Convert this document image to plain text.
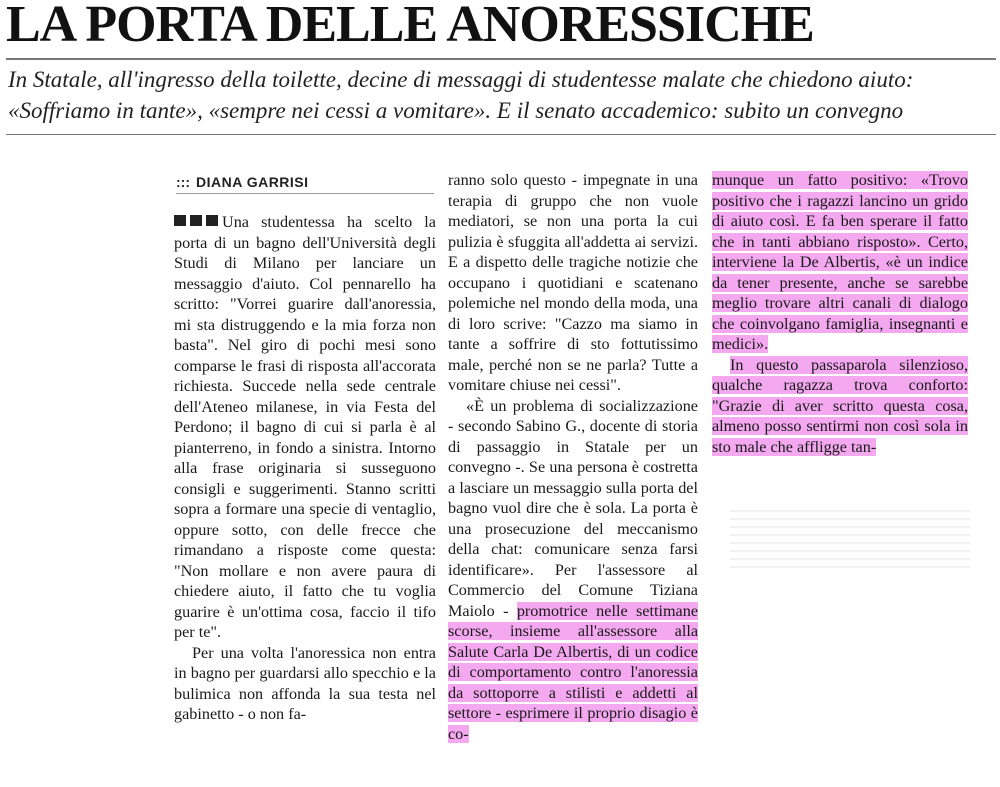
LA PORTA DELLE ANORESSICHE

In Statale, all'ingresso della toilette, decine di messaggi di studentesse malate che chiedono aiuto: «Soffriamo in tante», «sempre nei cessi a vomitare». E il senato accademico: subito un convegno

::: DIANA GARRISI

Una studentessa ha scelto la porta di un bagno dell'Università degli Studi di Milano per lanciare un messaggio d'aiuto. Col pennarello ha scritto: "Vorrei guarire dall'anoressia, mi sta distruggendo e la mia forza non basta". Nel giro di pochi mesi sono comparse le frasi di risposta all'accorata richiesta. Succede nella sede centrale dell'Ateneo milanese, in via Festa del Perdono; il bagno di cui si parla è al pianterreno, in fondo a sinistra. Intorno alla frase originaria si susseguono consigli e suggerimenti. Stanno scritti sopra a formare una specie di ventaglio, oppure sotto, con delle frecce che rimandano a risposte come questa: "Non mollare e non avere paura di chiedere aiuto, il fatto che tu voglia guarire è un'ottima cosa, faccio il tifo per te".

Per una volta l'anoressica non entra in bagno per guardarsi allo specchio e la bulimica non affonda la sua testa nel gabinetto - o non fa-

ranno solo questo - impegnate in una terapia di gruppo che non vuole mediatori, se non una porta la cui pulizia è sfuggita all'addetta ai servizi. E a dispetto delle tragiche notizie che occupano i quotidiani e scatenano polemiche nel mondo della moda, una di loro scrive: "Cazzo ma siamo in tante a soffrire di sto fottutissimo male, perché non se ne parla? Tutte a vomitare chiuse nei cessi".

«È un problema di socializzazione - secondo Sabino G., docente di storia di passaggio in Statale per un convegno -. Se una persona è costretta a lasciare un messaggio sulla porta del bagno vuol dire che è sola. La porta è una prosecuzione del meccanismo della chat: comunicare senza farsi identificare». Per l'assessore al Commercio del Comune Tiziana Maiolo - promotrice nelle settimane scorse, insieme all'assessore alla Salute Carla De Albertis, di un codice di comportamento contro l'anoressia da sottoporre a stilisti e addetti al settore - esprimere il proprio disagio è co-

munque un fatto positivo: «Trovo positivo che i ragazzi lancino un grido di aiuto così. E fa ben sperare il fatto che in tanti abbiano risposto». Certo, interviene la De Albertis, «è un indice da tener presente, anche se sarebbe meglio trovare altri canali di dialogo che coinvolgano famiglia, insegnanti e medici».

In questo passaparola silenzioso, qualche ragazza trova conforto: "Grazie di aver scritto questa cosa, almeno posso sentirmi non così sola in sto male che affligge tan-
